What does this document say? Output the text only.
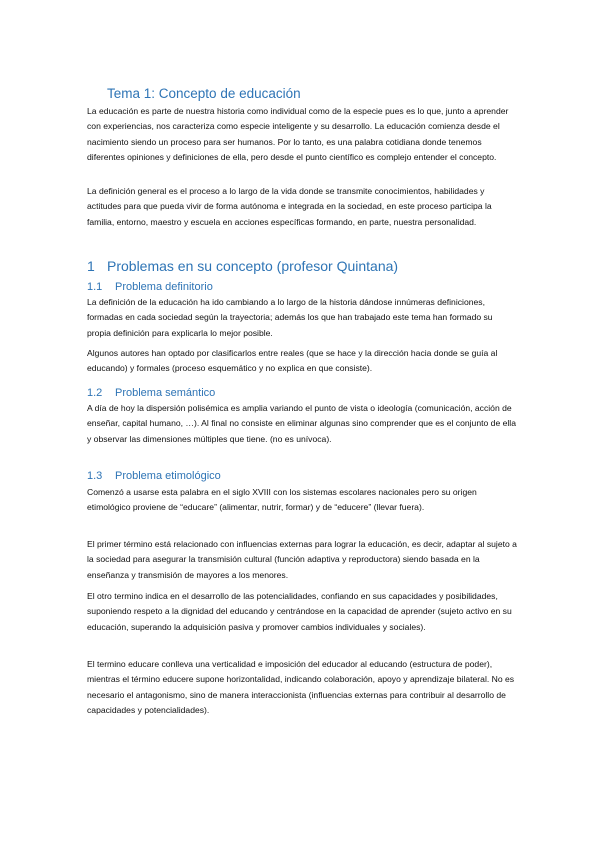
Tema 1: Concepto de educación

La educación es parte de nuestra historia como individual como de la especie pues es lo que, junto a aprender con experiencias, nos caracteriza como especie inteligente y su desarrollo. La educación comienza desde el nacimiento siendo un proceso para ser humanos. Por lo tanto, es una palabra cotidiana donde tenemos diferentes opiniones y definiciones de ella, pero desde el punto científico es complejo entender el concepto.

La definición general es el proceso a lo largo de la vida donde se transmite conocimientos, habilidades y actitudes para que pueda vivir de forma autónoma e integrada en la sociedad, en este proceso participa la familia, entorno, maestro y escuela en acciones específicas formando, en parte, nuestra personalidad.

1 Problemas en su concepto (profesor Quintana)
1.1 Problema definitorio

La definición de la educación ha ido cambiando a lo largo de la historia dándose innúmeras definiciones, formadas en cada sociedad según la trayectoria; además los que han trabajado este tema han formado su propia definición para explicarla lo mejor posible.

Algunos autores han optado por clasificarlos entre reales (que se hace y la dirección hacia donde se guía al educando) y formales (proceso esquemático y no explica en que consiste).

1.2 Problema semántico

A día de hoy la dispersión polisémica es amplia variando el punto de vista o ideología (comunicación, acción de enseñar, capital humano, …). Al final no consiste en eliminar algunas sino comprender que es el conjunto de ella y observar las dimensiones múltiples que tiene. (no es unívoca).

1.3 Problema etimológico

Comenzó a usarse esta palabra en el siglo XVIII con los sistemas escolares nacionales pero su origen etimológico proviene de “educare” (alimentar, nutrir, formar) y de “educere” (llevar fuera).

El primer término está relacionado con influencias externas para lograr la educación, es decir, adaptar al sujeto a la sociedad para asegurar la transmisión cultural (función adaptiva y reproductora) siendo basada en la enseñanza y transmisión de mayores a los menores.

El otro termino indica en el desarrollo de las potencialidades, confiando en sus capacidades y posibilidades, suponiendo respeto a la dignidad del educando y centrándose en la capacidad de aprender (sujeto activo en su educación, superando la adquisición pasiva y promover cambios individuales y sociales).

El termino educare conlleva una verticalidad e imposición del educador al educando (estructura de poder), mientras el término educere supone horizontalidad, indicando colaboración, apoyo y aprendizaje bilateral. No es necesario el antagonismo, sino de manera interaccionista (influencias externas para contribuir al desarrollo de capacidades y potencialidades).
